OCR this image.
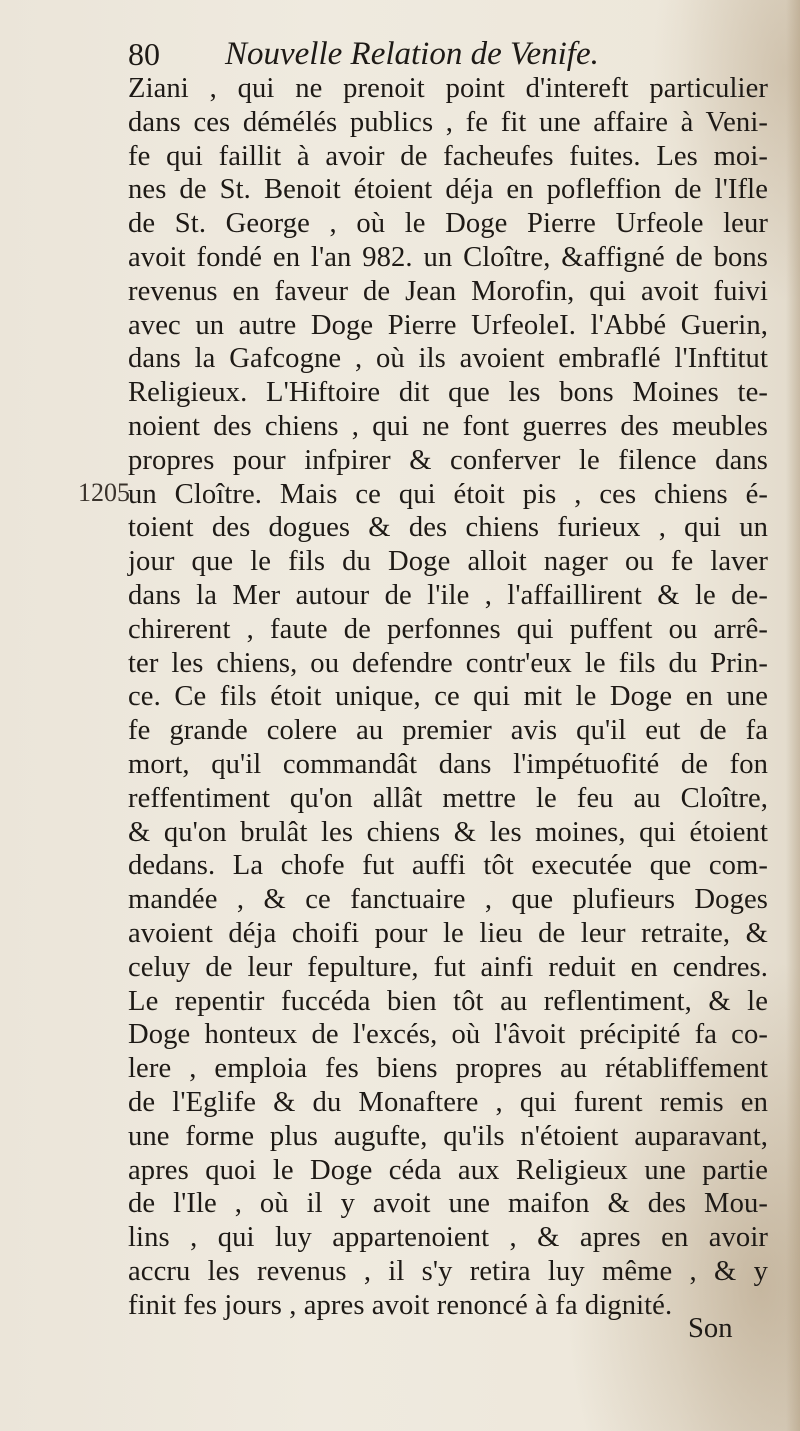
80 Nouvelle Relation de Venife.
1205
Ziani , qui ne prenoit point d'intereft particulier
dans ces démélés publics , fe fit une affaire à Veni-
fe qui faillit à avoir de facheufes fuites. Les moi-
nes de St. Benoit étoient déja en pofleffion de l'Ifle
de St. George , où le Doge Pierre Urfeole leur
avoit fondé en l'an 982. un Cloître, &affigné de bons
revenus en faveur de Jean Morofin, qui avoit fuivi
avec un autre Doge Pierre UrfeoleI. l'Abbé Guerin,
dans la Gafcogne , où ils avoient embraflé l'Inftitut
Religieux. L'Hiftoire dit que les bons Moines te-
noient des chiens , qui ne font guerres des meubles
propres pour infpirer & conferver le filence dans
un Cloître. Mais ce qui étoit pis , ces chiens é-
toient des dogues & des chiens furieux , qui un
jour que le fils du Doge alloit nager ou fe laver
dans la Mer autour de l'ile , l'affaillirent & le de-
chirerent , faute de perfonnes qui puffent ou arrê-
ter les chiens, ou defendre contr'eux le fils du Prin-
ce. Ce fils étoit unique, ce qui mit le Doge en une
fe grande colere au premier avis qu'il eut de fa
mort, qu'il commandât dans l'impétuofité de fon
reffentiment qu'on allât mettre le feu au Cloître,
& qu'on brulât les chiens & les moines, qui étoient
dedans. La chofe fut auffi tôt executée que com-
mandée , & ce fanctuaire , que plufieurs Doges
avoient déja choifi pour le lieu de leur retraite, &
celuy de leur fepulture, fut ainfi reduit en cendres.
Le repentir fuccéda bien tôt au reflentiment, & le
Doge honteux de l'excés, où l'âvoit précipité fa co-
lere , emploia fes biens propres au rétabliffement
de l'Eglife & du Monaftere , qui furent remis en
une forme plus augufte, qu'ils n'étoient auparavant,
apres quoi le Doge céda aux Religieux une partie
de l'Ile , où il y avoit une maifon & des Mou-
lins , qui luy appartenoient , & apres en avoir
accru les revenus , il s'y retira luy même , & y
finit fes jours , apres avoit renoncé à fa dignité.
Son
